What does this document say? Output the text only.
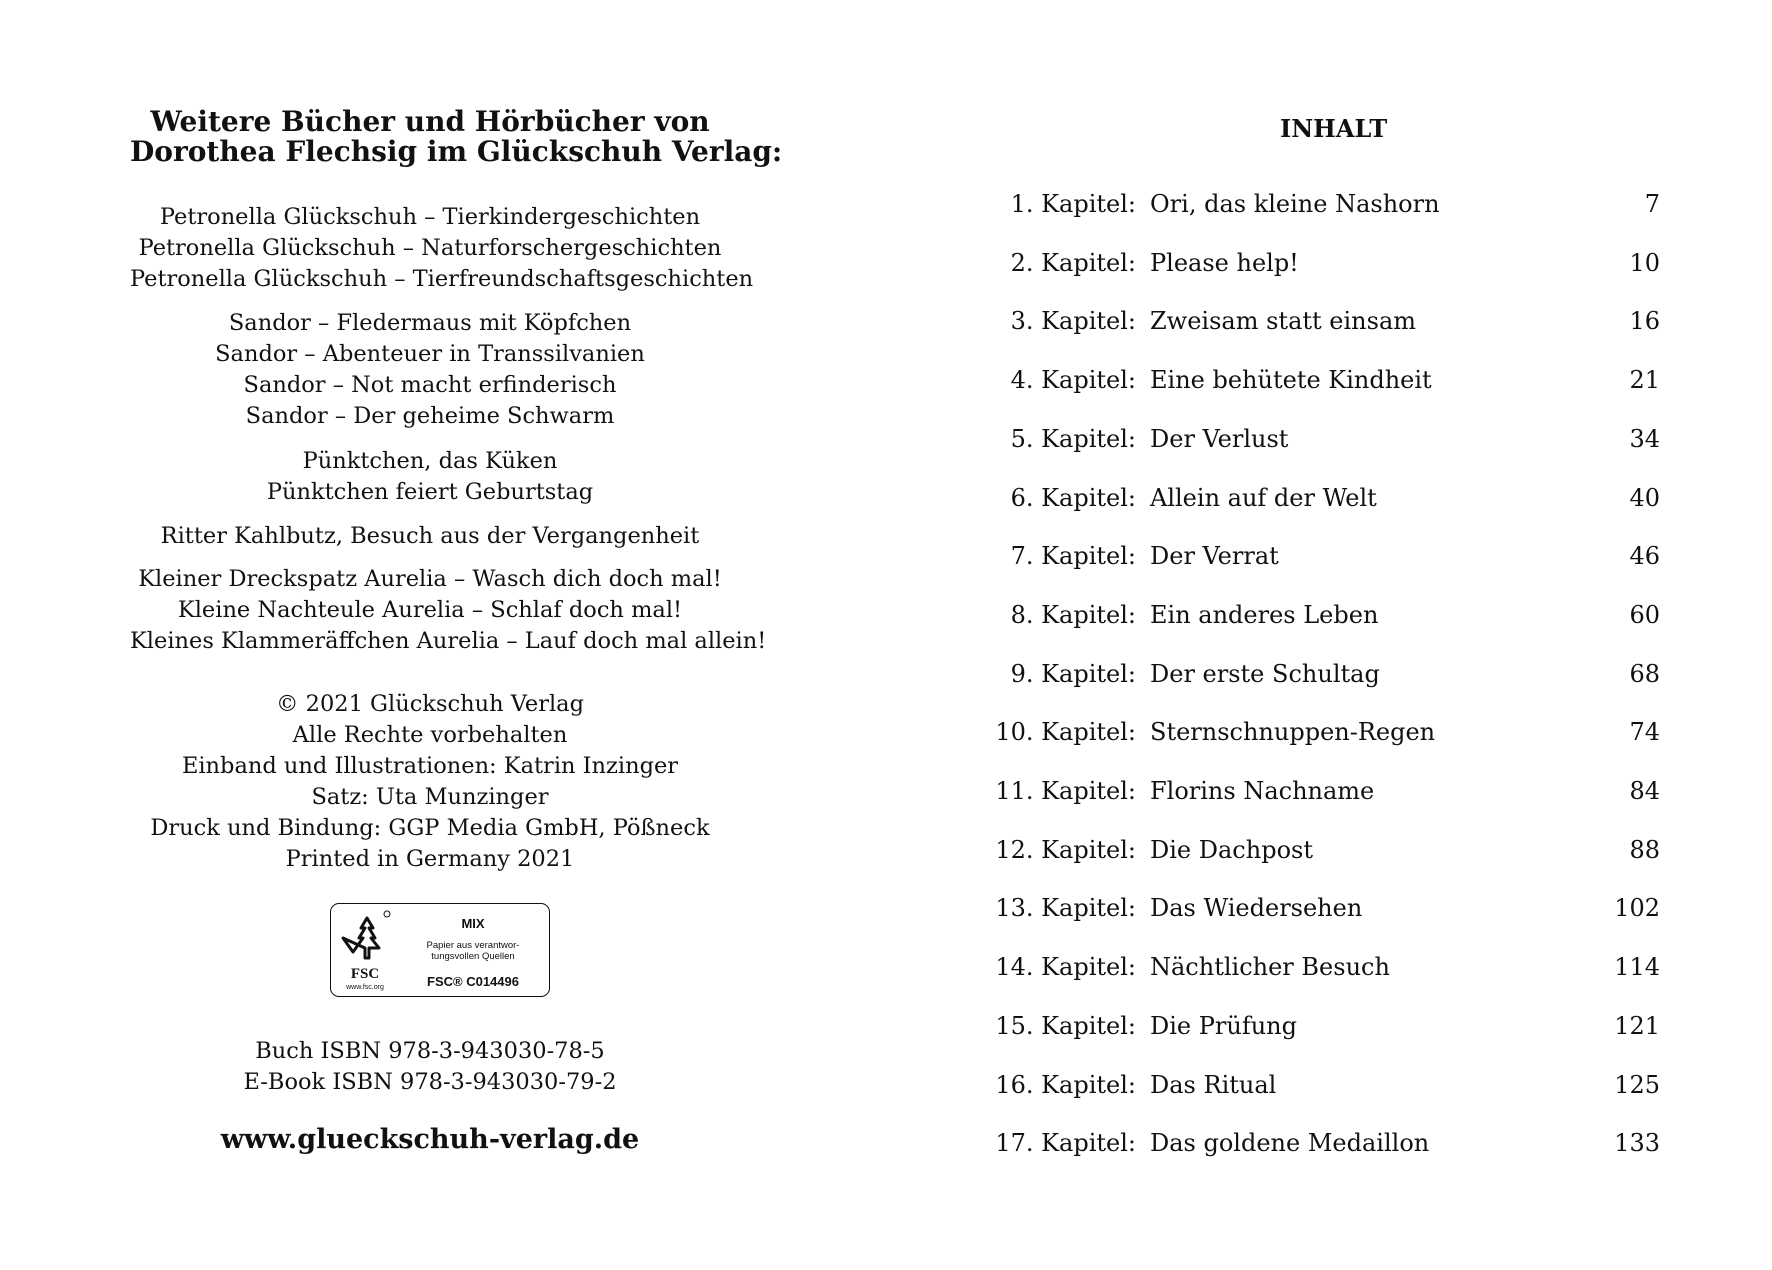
Weitere Bücher und Hörbücher von
Dorothea Flechsig im Glückschuh Verlag:
Petronella Glückschuh – Tierkindergeschichten
Petronella Glückschuh – Naturforschergeschichten
Petronella Glückschuh – Tierfreundschaftsgeschichten
Sandor – Fledermaus mit Köpfchen
Sandor – Abenteuer in Transsilvanien
Sandor – Not macht erfinderisch
Sandor – Der geheime Schwarm
Pünktchen, das Küken
Pünktchen feiert Geburtstag
Ritter Kahlbutz, Besuch aus der Vergangenheit
Kleiner Dreckspatz Aurelia – Wasch dich doch mal!
Kleine Nachteule Aurelia – Schlaf doch mal!
Kleines Klammeräffchen Aurelia – Lauf doch mal allein!
© 2021 Glückschuh Verlag
Alle Rechte vorbehalten
Einband und Illustrationen: Katrin Inzinger
Satz: Uta Munzinger
Druck und Bindung: GGP Media GmbH, Pößneck
Printed in Germany 2021
FSC
www.fsc.org
MIX
Papier aus verantwor-
tungsvollen Quellen
FSC® C014496
Buch ISBN 978-3-943030-78-5
E-Book ISBN 978-3-943030-79-2
www.glueckschuh-verlag.de
INHALT
1. Kapitel: Ori, das kleine Nashorn	7
2. Kapitel: Please help!	10
3. Kapitel: Zweisam statt einsam	16
4. Kapitel: Eine behütete Kindheit	21
5. Kapitel: Der Verlust	34
6. Kapitel: Allein auf der Welt	40
7. Kapitel: Der Verrat	46
8. Kapitel: Ein anderes Leben	60
9. Kapitel: Der erste Schultag	68
10. Kapitel: Sternschnuppen-Regen	74
11. Kapitel: Florins Nachname	84
12. Kapitel: Die Dachpost	88
13. Kapitel: Das Wiedersehen	102
14. Kapitel: Nächtlicher Besuch	114
15. Kapitel: Die Prüfung	121
16. Kapitel: Das Ritual	125
17. Kapitel: Das goldene Medaillon	133
